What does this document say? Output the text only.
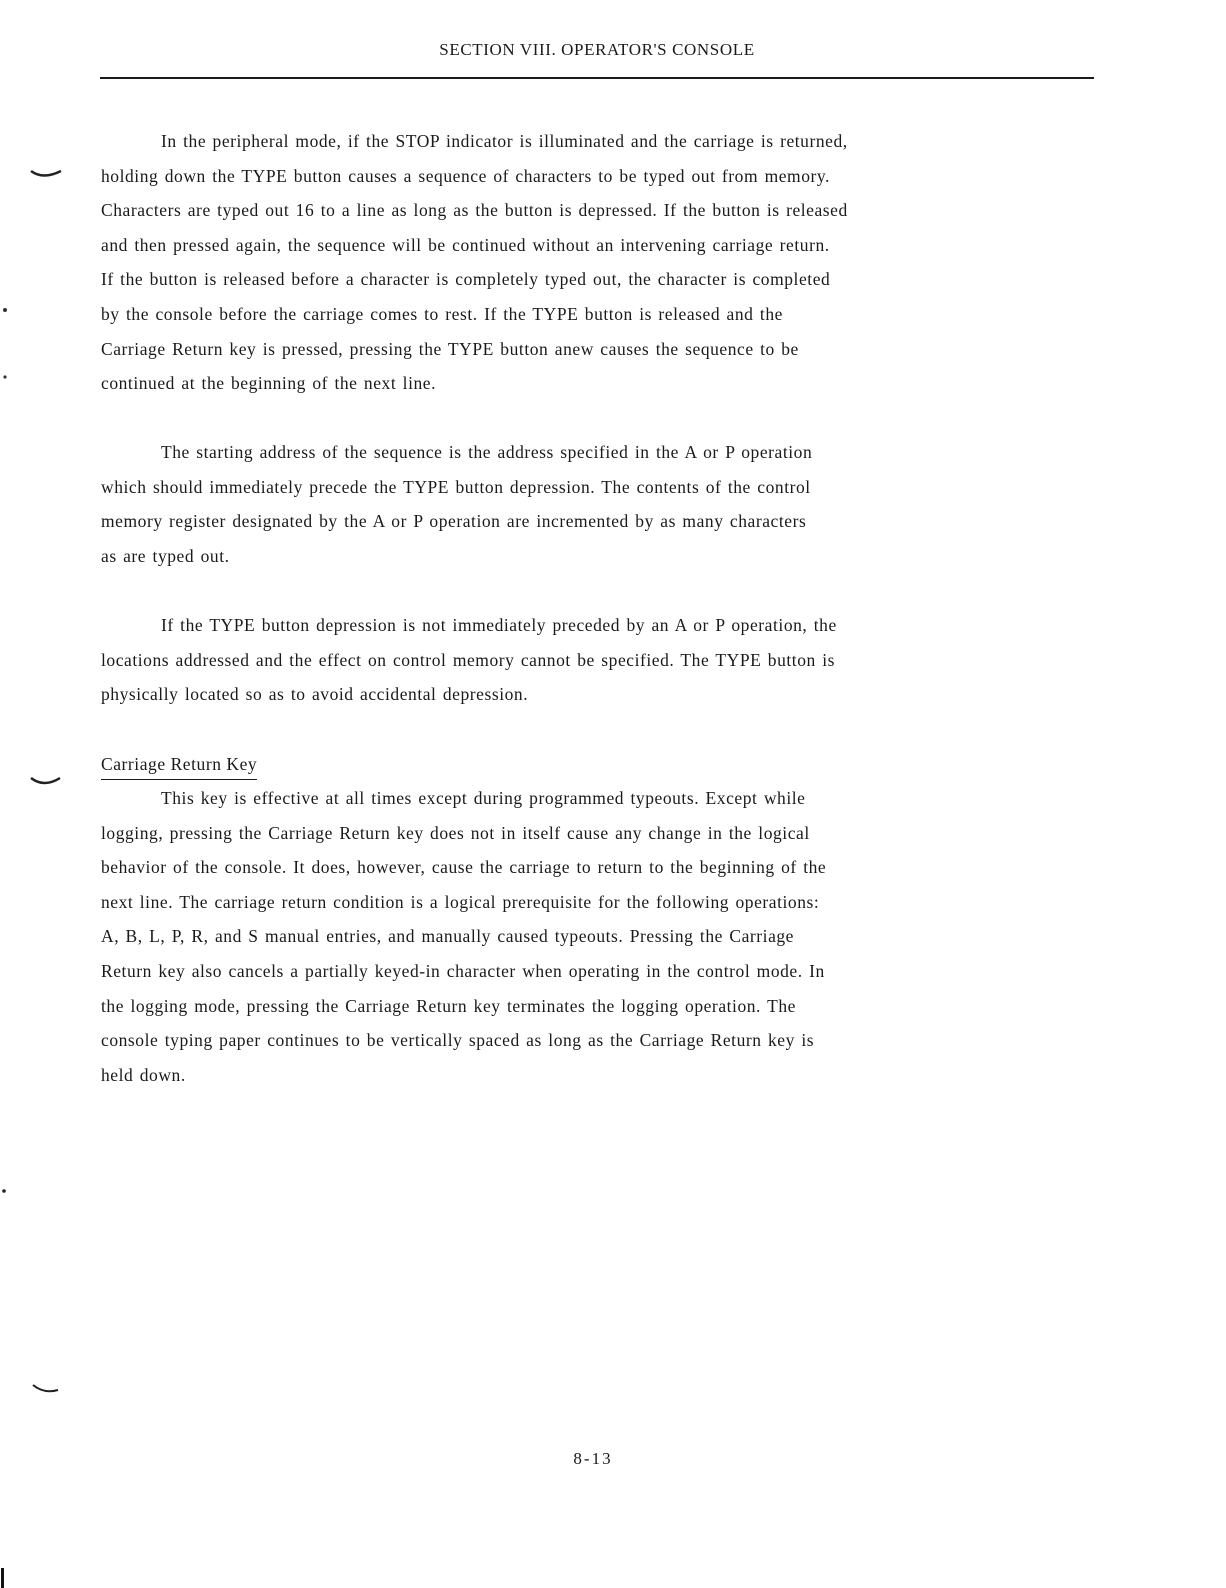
SECTION VIII. OPERATOR'S CONSOLE
In the peripheral mode, if the STOP indicator is illuminated and the carriage is returned,
holding down the TYPE button causes a sequence of characters to be typed out from memory.
Characters are typed out 16 to a line as long as the button is depressed. If the button is released
and then pressed again, the sequence will be continued without an intervening carriage return.
If the button is released before a character is completely typed out, the character is completed
by the console before the carriage comes to rest. If the TYPE button is released and the
Carriage Return key is pressed, pressing the TYPE button anew causes the sequence to be
continued at the beginning of the next line.
The starting address of the sequence is the address specified in the A or P operation
which should immediately precede the TYPE button depression. The contents of the control
memory register designated by the A or P operation are incremented by as many characters
as are typed out.
If the TYPE button depression is not immediately preceded by an A or P operation, the
locations addressed and the effect on control memory cannot be specified. The TYPE button is
physically located so as to avoid accidental depression.
Carriage Return Key
This key is effective at all times except during programmed typeouts. Except while
logging, pressing the Carriage Return key does not in itself cause any change in the logical
behavior of the console. It does, however, cause the carriage to return to the beginning of the
next line. The carriage return condition is a logical prerequisite for the following operations:
A, B, L, P, R, and S manual entries, and manually caused typeouts. Pressing the Carriage
Return key also cancels a partially keyed-in character when operating in the control mode. In
the logging mode, pressing the Carriage Return key terminates the logging operation. The
console typing paper continues to be vertically spaced as long as the Carriage Return key is
held down.
8-13
